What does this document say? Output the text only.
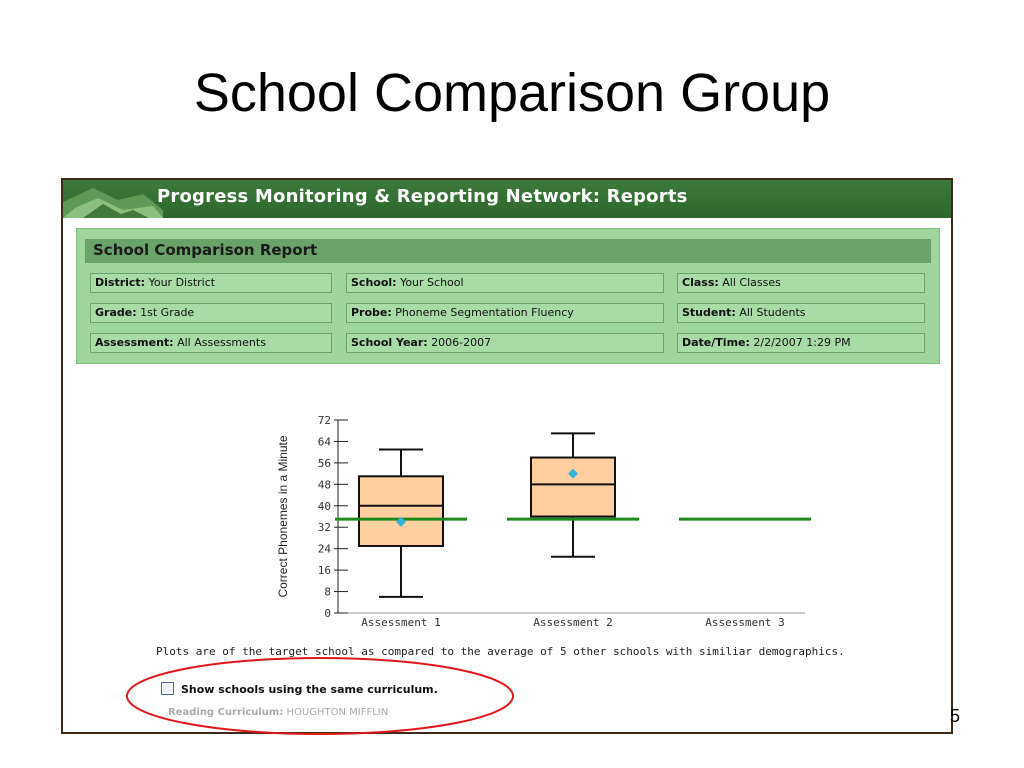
School Comparison Group
Progress Monitoring & Reporting Network: Reports
School Comparison Report
District: Your District	School: Your School	Class: All Classes
Grade: 1st Grade	Probe: Phoneme Segmentation Fluency	Student: All Students
Assessment: All Assessments	School Year: 2006-2007	Date/Time: 2/2/2007 1:29 PM
0
8
16
24
32
40
48
56
64
72
Correct Phonemes in a Minute
Assessment 1	Assessment 2	Assessment 3
Plots are of the target school as compared to the average of 5 other schools with similiar demographics.
Show schools using the same curriculum.
Reading Curriculum: HOUGHTON MIFFLIN	5
